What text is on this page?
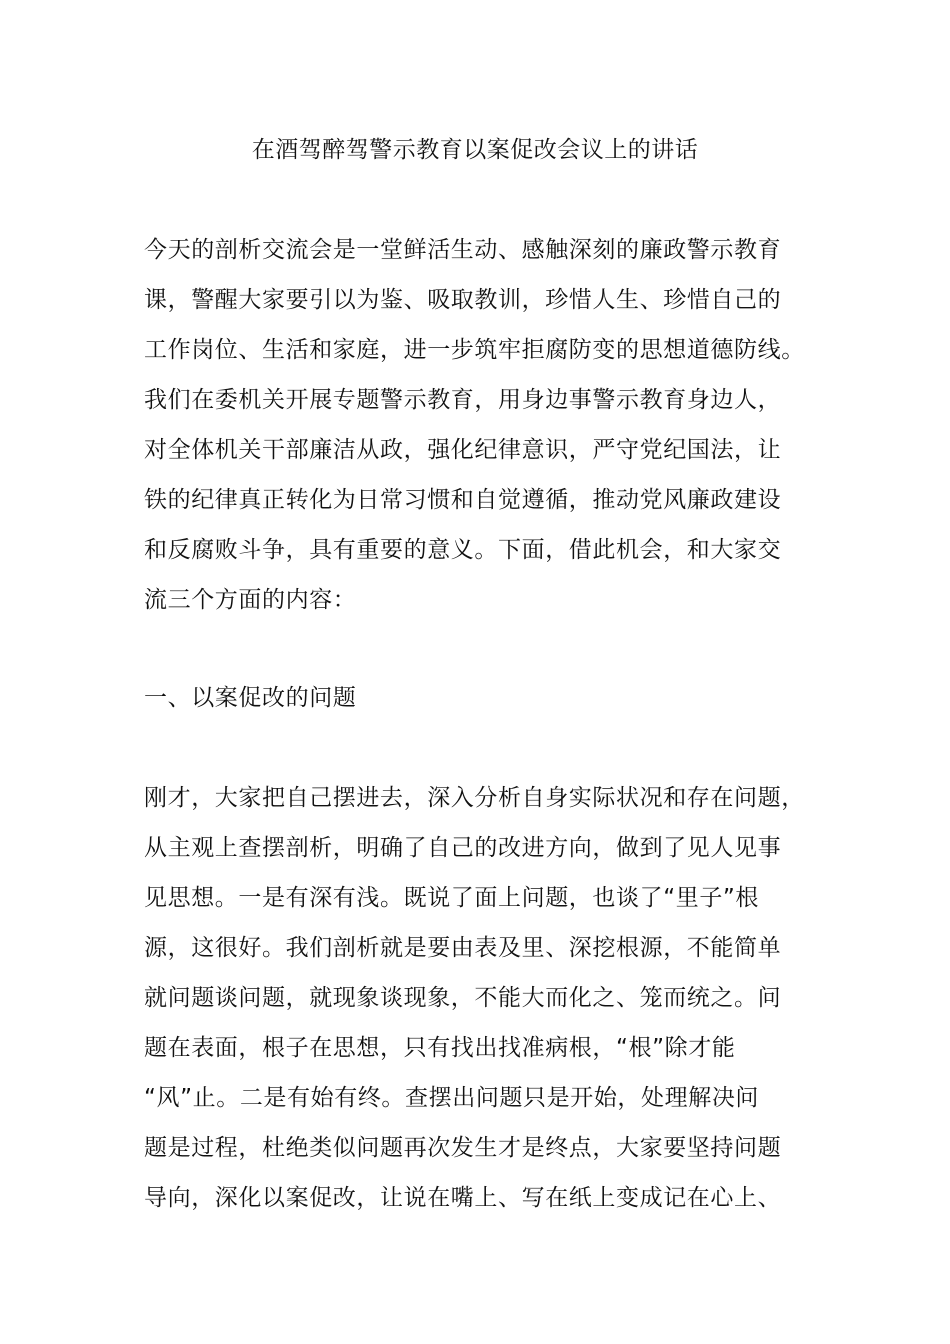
在酒驾醉驾警示教育以案促改会议上的讲话
今天的剖析交流会是一堂鲜活生动、感触深刻的廉政警示教育
课，警醒大家要引以为鉴、吸取教训，珍惜人生、珍惜自己的
工作岗位、生活和家庭，进一步筑牢拒腐防变的思想道德防线。
我们在委机关开展专题警示教育，用身边事警示教育身边人，
对全体机关干部廉洁从政，强化纪律意识，严守党纪国法，让
铁的纪律真正转化为日常习惯和自觉遵循，推动党风廉政建设
和反腐败斗争，具有重要的意义。下面，借此机会，和大家交
流三个方面的内容：
一、以案促改的问题
刚才，大家把自己摆进去，深入分析自身实际状况和存在问题，
从主观上查摆剖析，明确了自己的改进方向，做到了见人见事
见思想。一是有深有浅。既说了面上问题，也谈了“里子”根
源，这很好。我们剖析就是要由表及里、深挖根源，不能简单
就问题谈问题，就现象谈现象，不能大而化之、笼而统之。问
题在表面，根子在思想，只有找出找准病根，“根”除才能
“风”止。二是有始有终。查摆出问题只是开始，处理解决问
题是过程，杜绝类似问题再次发生才是终点，大家要坚持问题
导向，深化以案促改，让说在嘴上、写在纸上变成记在心上、
